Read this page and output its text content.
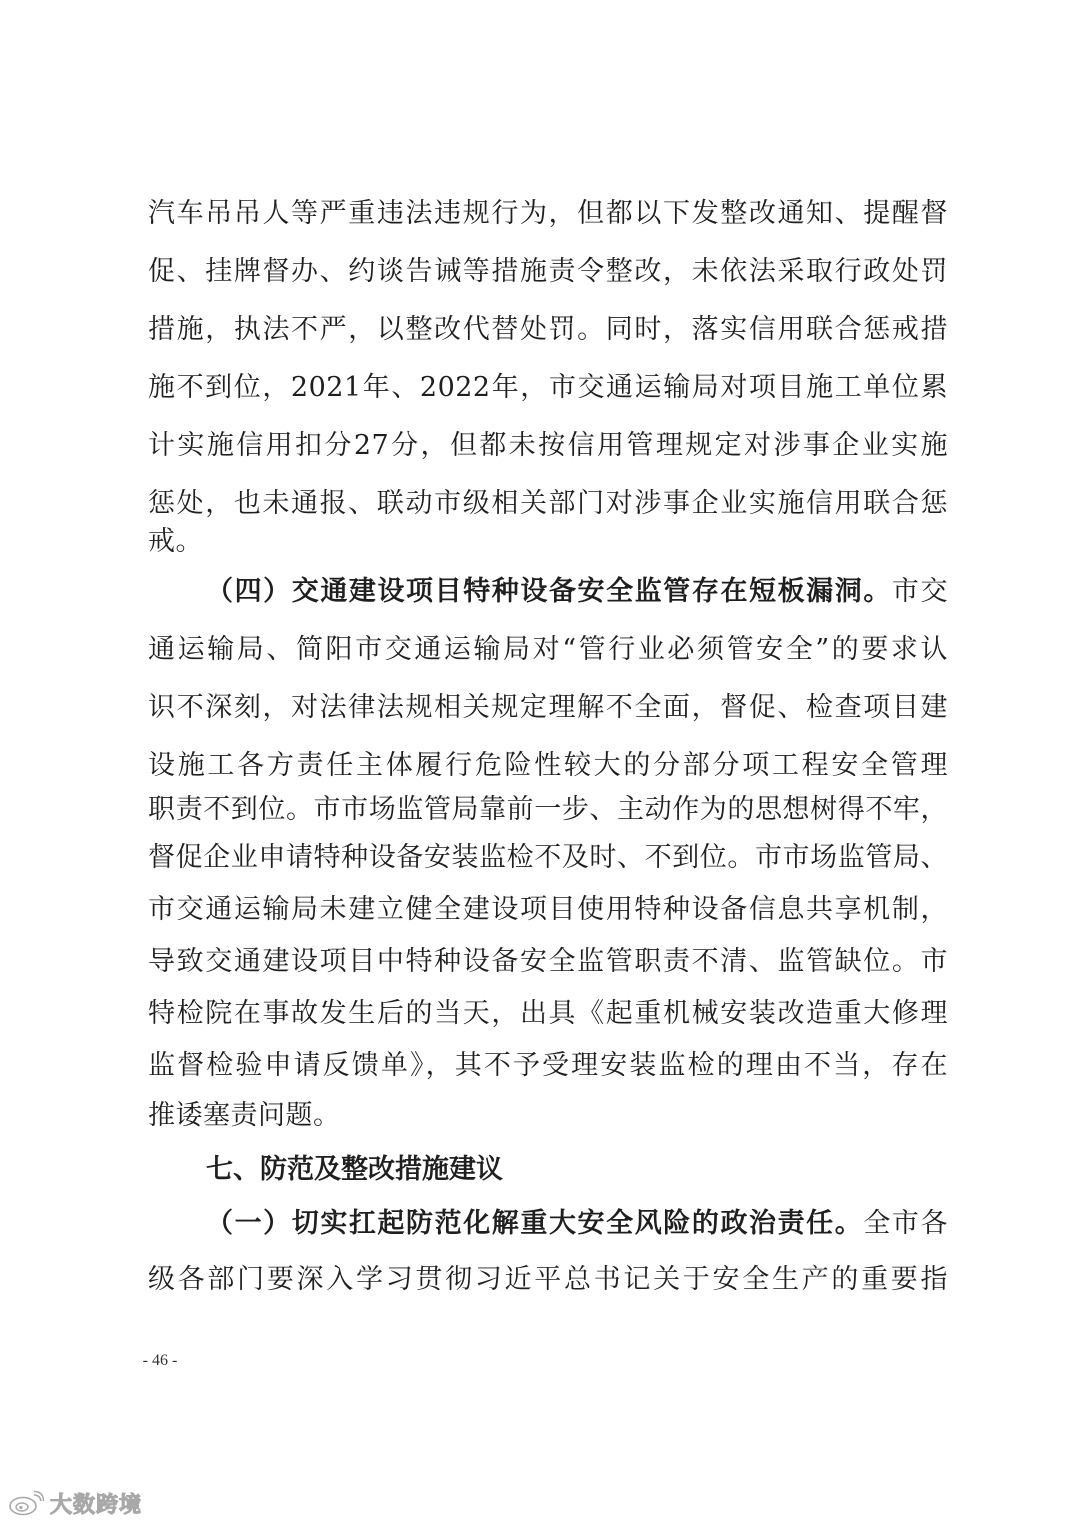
汽车吊吊人等严重违法违规行为，但都以下发整改通知、提醒督
促、挂牌督办、约谈告诫等措施责令整改，未依法采取行政处罚
措施，执法不严，以整改代替处罚。同时，落实信用联合惩戒措
施不到位，2021年、2022年，市交通运输局对项目施工单位累
计实施信用扣分27分，但都未按信用管理规定对涉事企业实施
惩处，也未通报、联动市级相关部门对涉事企业实施信用联合惩
戒。
（四）交通建设项目特种设备安全监管存在短板漏洞。市交
通运输局、简阳市交通运输局对“管行业必须管安全”的要求认
识不深刻，对法律法规相关规定理解不全面，督促、检查项目建
设施工各方责任主体履行危险性较大的分部分项工程安全管理
职责不到位。市市场监管局靠前一步、主动作为的思想树得不牢，
督促企业申请特种设备安装监检不及时、不到位。市市场监管局、
市交通运输局未建立健全建设项目使用特种设备信息共享机制，
导致交通建设项目中特种设备安全监管职责不清、监管缺位。市
特检院在事故发生后的当天，出具《起重机械安装改造重大修理
监督检验申请反馈单》，其不予受理安装监检的理由不当，存在
推诿塞责问题。
七、防范及整改措施建议
（一）切实扛起防范化解重大安全风险的政治责任。全市各
级各部门要深入学习贯彻习近平总书记关于安全生产的重要指
- 46 -
大数跨境
